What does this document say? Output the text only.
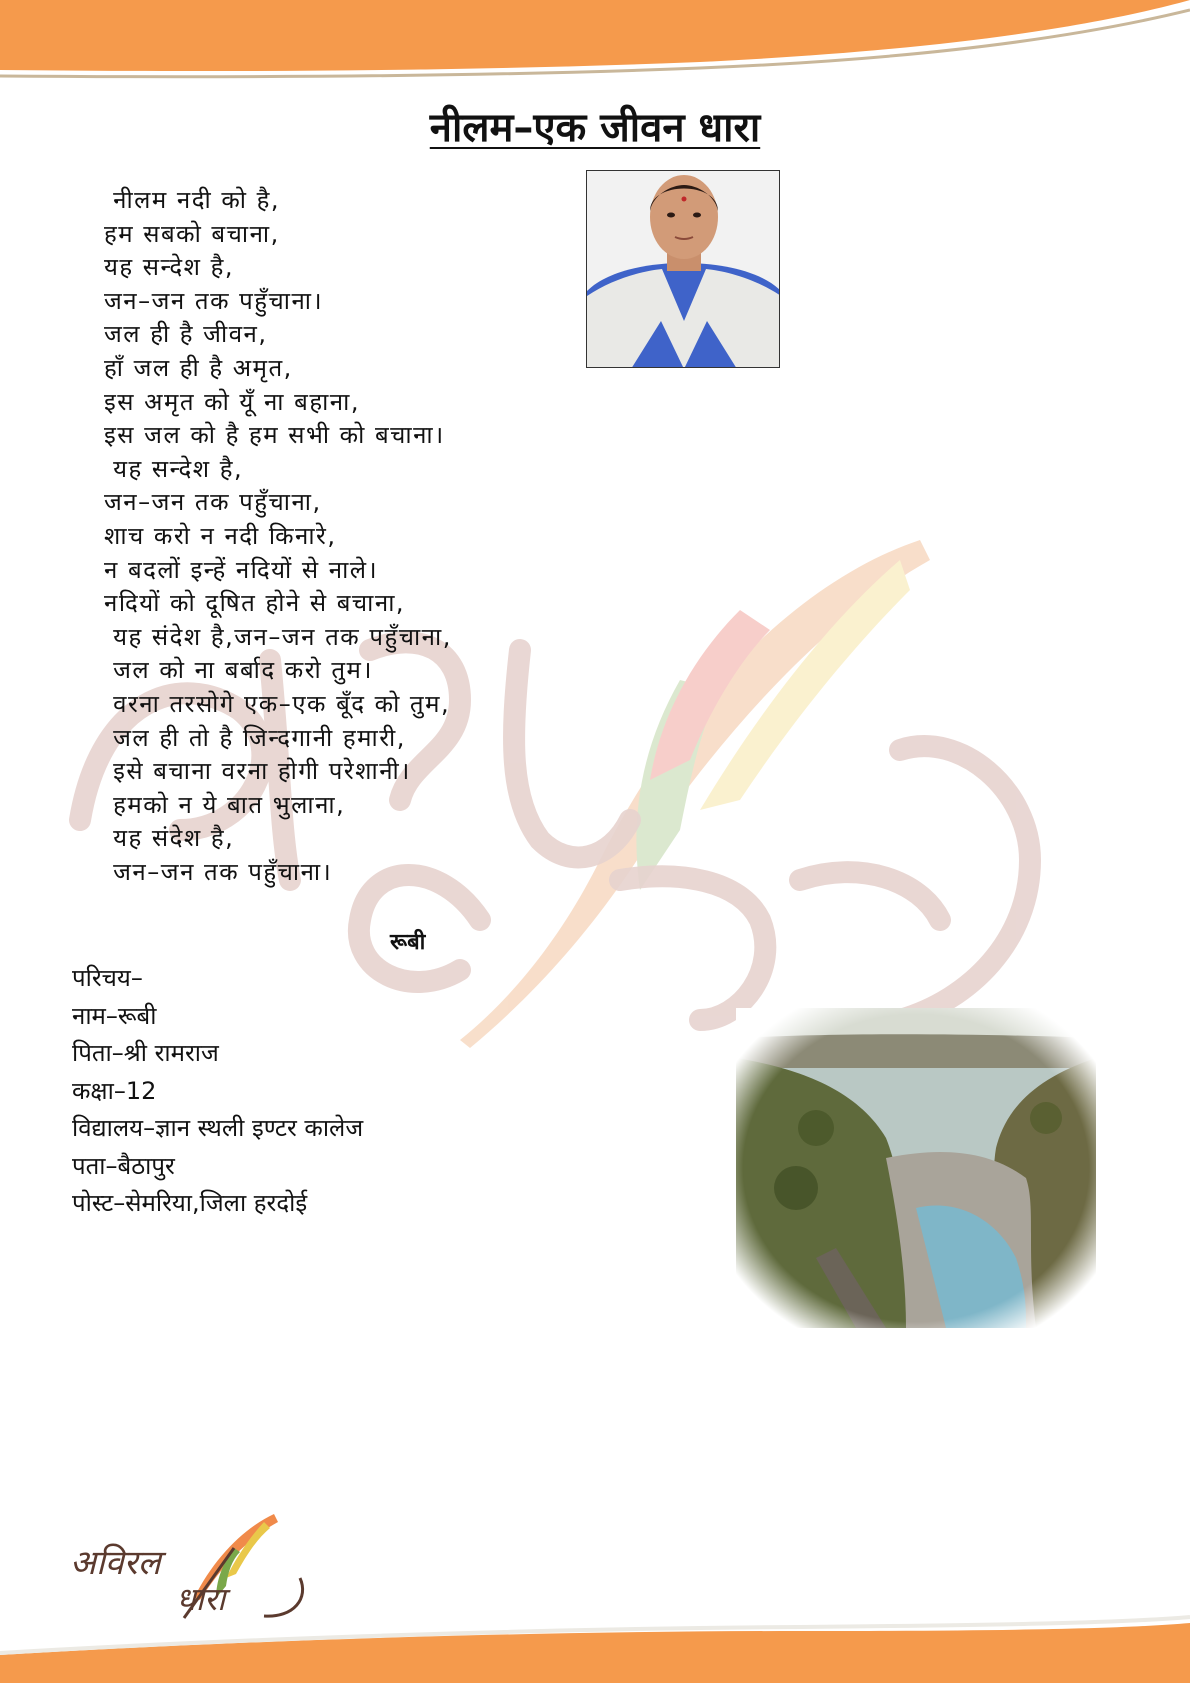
नीलम–एक जीवन धारा
नीलम नदी को है,
हम सबको बचाना,
यह सन्देश है,
जन–जन तक पहुँचाना।
जल ही है जीवन,
हाँ जल ही है अमृत,
इस अमृत को यूँ ना बहाना,
इस जल को है हम सभी को बचाना।
यह सन्देश है,
जन–जन तक पहुँचाना,
शाच करो न नदी किनारे,
न बदलों इन्हें नदियों से नाले।
नदियों को दूषित होने से बचाना,
यह संदेश है,जन–जन तक पहुँचाना,
जल को ना बर्बाद करो तुम।
वरना तरसोगे एक–एक बूँद को तुम,
जल ही तो है जिन्दगानी हमारी,
इसे बचाना वरना होगी परेशानी।
हमको न ये बात भुलाना,
यह संदेश है,
जन–जन तक पहुँचाना।

रूबी

परिचय–
नाम–रूबी
पिता–श्री रामराज
कक्षा–12
विद्यालय–ज्ञान स्थली इण्टर कालेज
पता–बैठापुर
पोस्ट–सेमरिया,जिला हरदोई
अविरल
धारा
